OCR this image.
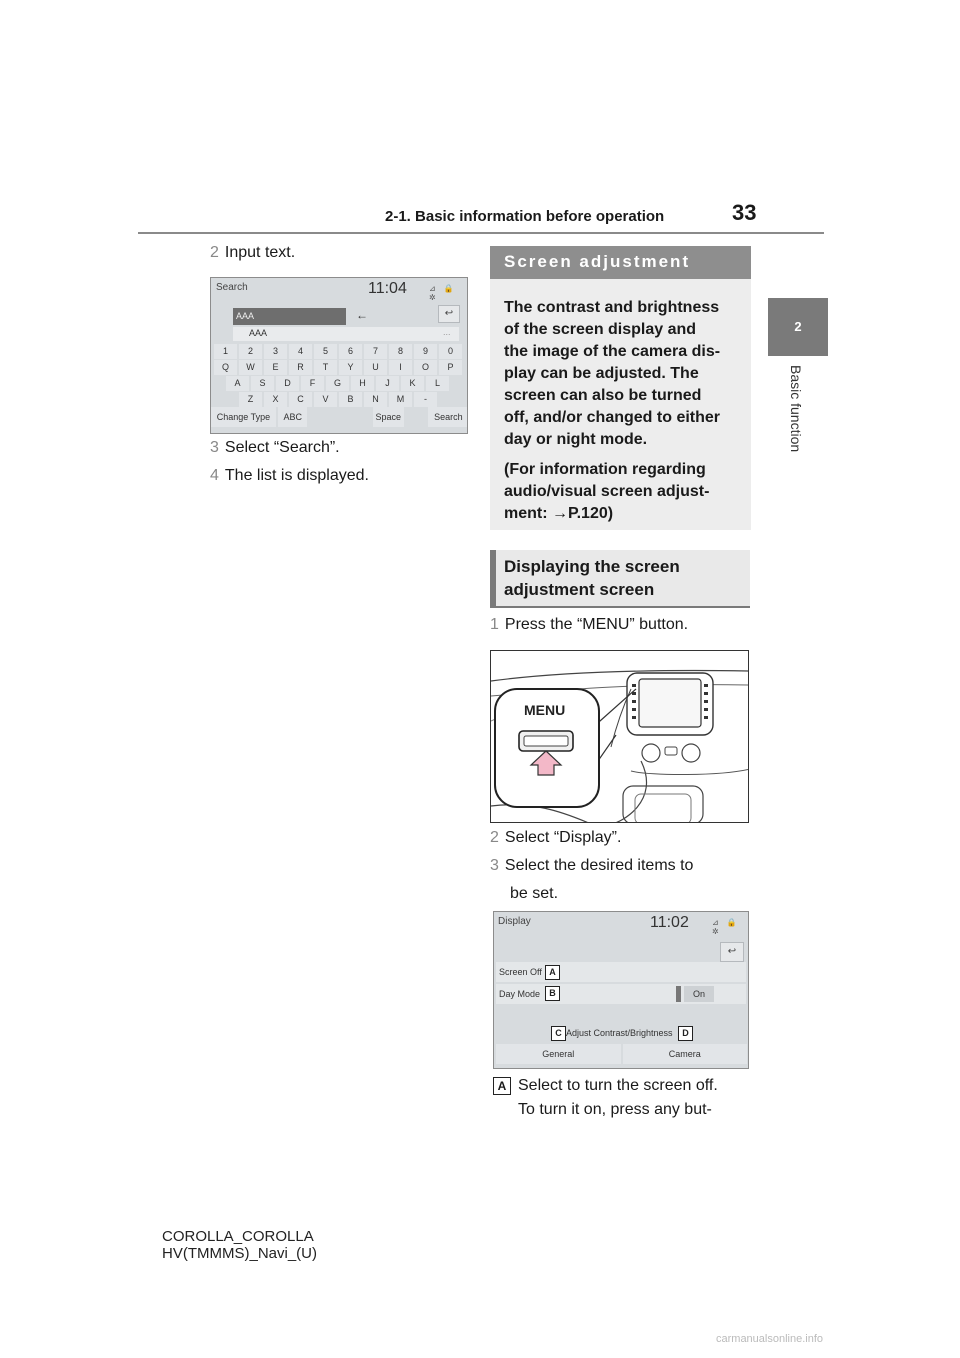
2-1. Basic information before operation	33
2
Basic function
2 Input text.
Search	11:04	⊿ 🔒 ✲
AAA	←	↩
AAA	...
1	2	3	4	5	6	7	8	9	0
Q	W	E	R	T	Y	U	I	O	P
A	S	D	F	G	H	J	K	L
Z	X	C	V	B	N	M	-
Change Type	ABC	Space	Search
3 Select “Search”.
4 The list is displayed.
Screen adjustment

The contrast and brightness
of the screen display and
the image of the camera dis-
play can be adjusted. The
screen can also be turned
off, and/or changed to either
day or night mode.

(For information regarding
audio/visual screen adjust-
ment: →P.120)

Displaying the screen
adjustment screen
1 Press the “MENU” button.
MENU
2 Select “Display”.
3 Select the desired items to
be set.
Display	11:02	⊿ 🔒 ✲
↩
Screen Off A
Day Mode	B	On
C Adjust Contrast/Brightness	D
General	Camera
A Select to turn the screen off.
To turn it on, press any but-
COROLLA_COROLLA
HV(TMMMS)_Navi_(U)
carmanualsonline.info
